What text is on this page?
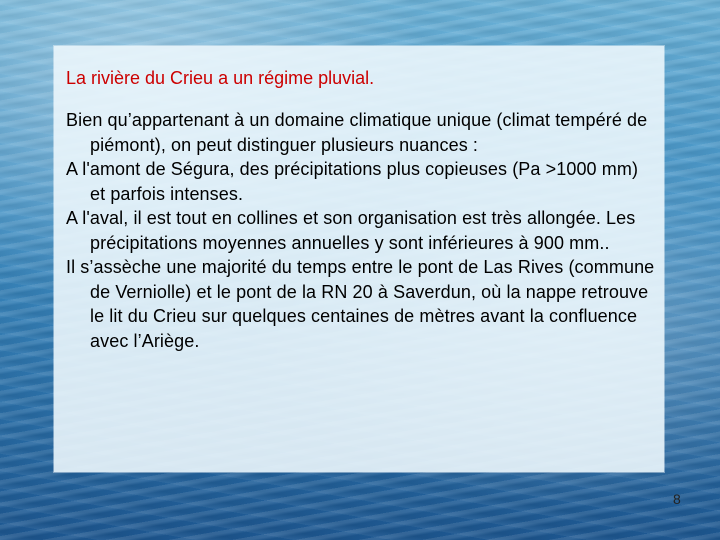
La rivière du Crieu a un régime pluvial.

Bien qu’appartenant à un domaine climatique unique (climat tempéré de piémont), on peut distinguer plusieurs nuances :

A l'amont de Ségura, des précipitations plus copieuses (Pa >1000 mm) et parfois intenses.

A l'aval, il est tout en collines et son organisation est très allongée. Les précipitations moyennes annuelles y sont inférieures à 900 mm..

Il s’assèche une majorité du temps entre le pont de Las Rives (commune de Verniolle) et le pont de la RN 20 à Saverdun, où la nappe retrouve le lit du Crieu sur quelques centaines de mètres avant la confluence avec l’Ariège.

8
